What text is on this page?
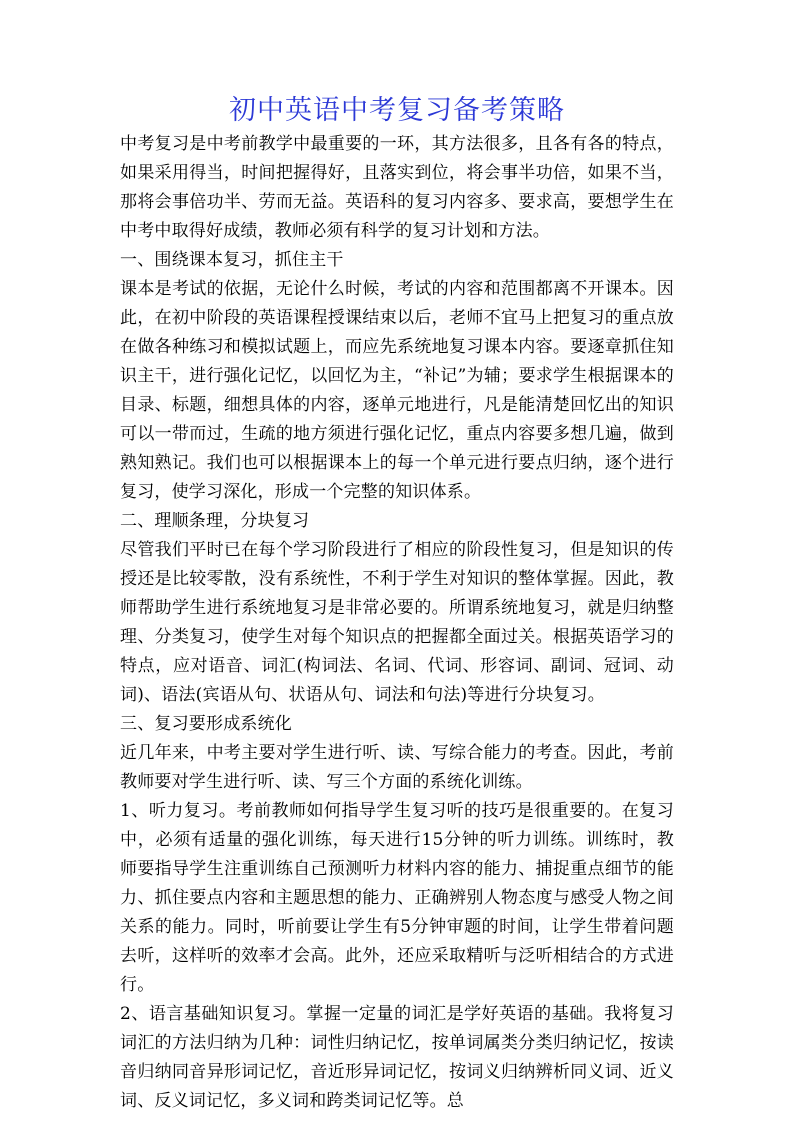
初中英语中考复习备考策略

中考复习是中考前教学中最重要的一环，其方法很多，且各有各的特点，如果采用得当，时间把握得好，且落实到位，将会事半功倍，如果不当，那将会事倍功半、劳而无益。英语科的复习内容多、要求高，要想学生在中考中取得好成绩，教师必须有科学的复习计划和方法。

一、围绕课本复习，抓住主干

课本是考试的依据，无论什么时候，考试的内容和范围都离不开课本。因此，在初中阶段的英语课程授课结束以后，老师不宜马上把复习的重点放在做各种练习和模拟试题上，而应先系统地复习课本内容。要逐章抓住知识主干，进行强化记忆，以回忆为主，“补记”为辅；要求学生根据课本的目录、标题，细想具体的内容，逐单元地进行，凡是能清楚回忆出的知识可以一带而过，生疏的地方须进行强化记忆，重点内容要多想几遍，做到熟知熟记。我们也可以根据课本上的每一个单元进行要点归纳，逐个进行复习，使学习深化，形成一个完整的知识体系。

二、理顺条理，分块复习

尽管我们平时已在每个学习阶段进行了相应的阶段性复习，但是知识的传授还是比较零散，没有系统性，不利于学生对知识的整体掌握。因此，教师帮助学生进行系统地复习是非常必要的。所谓系统地复习，就是归纳整理、分类复习，使学生对每个知识点的把握都全面过关。根据英语学习的特点，应对语音、词汇(构词法、名词、代词、形容词、副词、冠词、动词)、语法(宾语从句、状语从句、词法和句法)等进行分块复习。

三、复习要形成系统化

近几年来，中考主要对学生进行听、读、写综合能力的考查。因此，考前教师要对学生进行听、读、写三个方面的系统化训练。

1、听力复习。考前教师如何指导学生复习听的技巧是很重要的。在复习中，必须有适量的强化训练，每天进行15分钟的听力训练。训练时，教师要指导学生注重训练自己预测听力材料内容的能力、捕捉重点细节的能力、抓住要点内容和主题思想的能力、正确辨别人物态度与感受人物之间关系的能力。同时，听前要让学生有5分钟审题的时间，让学生带着问题去听，这样听的效率才会高。此外，还应采取精听与泛听相结合的方式进行。

2、语言基础知识复习。掌握一定量的词汇是学好英语的基础。我将复习词汇的方法归纳为几种：词性归纳记忆，按单词属类分类归纳记忆，按读音归纳同音异形词记忆，音近形异词记忆，按词义归纳辨析同义词、近义词、反义词记忆，多义词和跨类词记忆等。总
